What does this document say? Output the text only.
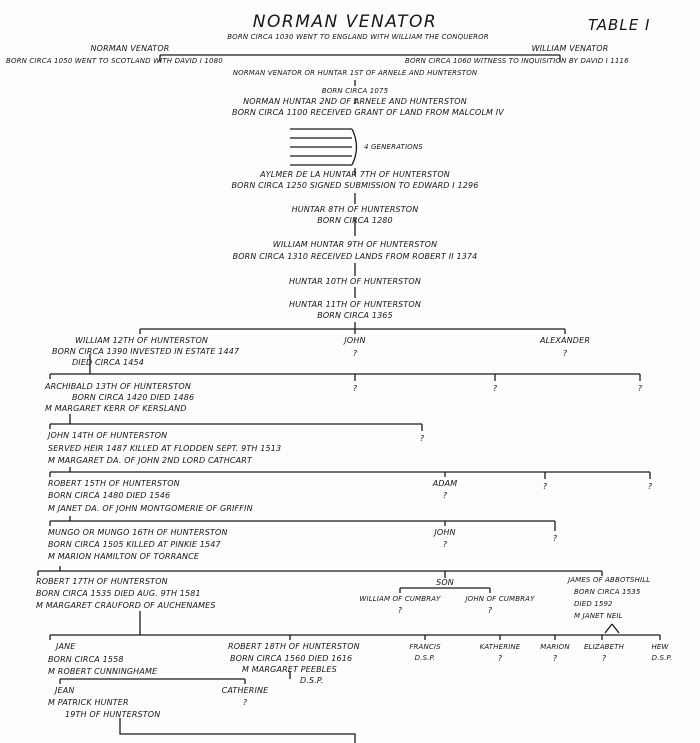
NORMAN VENATOR	TABLE I
BORN CIRCA 1030 WENT TO ENGLAND WITH WILLIAM THE CONQUEROR
NORMAN VENATOR
BORN CIRCA 1050 WENT TO SCOTLAND WITH DAVID I 1080
WILLIAM VENATOR
BORN CIRCA 1060 WITNESS TO INQUISITION BY DAVID I 1116
NORMAN VENATOR OR HUNTAR 1ST OF ARNELE AND HUNTERSTON
BORN CIRCA 1075
NORMAN HUNTAR 2ND OF ARNELE AND HUNTERSTON
BORN CIRCA 1100 RECEIVED GRANT OF LAND FROM MALCOLM IV
4 GENERATIONS
AYLMER DE LA HUNTAR 7TH OF HUNTERSTON
BORN CIRCA 1250 SIGNED SUBMISSION TO EDWARD I 1296
HUNTAR 8TH OF HUNTERSTON
BORN CIRCA 1280
WILLIAM HUNTAR 9TH OF HUNTERSTON
BORN CIRCA 1310 RECEIVED LANDS FROM ROBERT II 1374
HUNTAR 10TH OF HUNTERSTON
HUNTAR 11TH OF HUNTERSTON
BORN CIRCA 1365
WILLIAM 12TH OF HUNTERSTON
BORN CIRCA 1390 INVESTED IN ESTATE 1447
DIED CIRCA 1454
JOHN
?
ALEXANDER
?
ARCHIBALD 13TH OF HUNTERSTON
BORN CIRCA 1420 DIED 1486
M MARGARET KERR OF KERSLAND
?	?	?
JOHN 14TH OF HUNTERSTON
SERVED HEIR 1487 KILLED AT FLODDEN SEPT. 9TH 1513
M MARGARET DA. OF JOHN 2ND LORD CATHCART
?
ROBERT 15TH OF HUNTERSTON
BORN CIRCA 1480 DIED 1546
M JANET DA. OF JOHN MONTGOMERIE OF GRIFFIN
ADAM
?
?	?
MUNGO OR MUNGO 16TH OF HUNTERSTON
BORN CIRCA 1505 KILLED AT PINKIE 1547
M MARION HAMILTON OF TORRANCE
JOHN
?
?
ROBERT 17TH OF HUNTERSTON
BORN CIRCA 1535 DIED AUG. 9TH 1581
M MARGARET CRAUFORD OF AUCHENAMES
SON
WILLIAM OF CUMBRAY
?
JOHN OF CUMBRAY
?
JAMES OF ABBOTSHILL
BORN CIRCA 1535
DIED 1592
M JANET NEIL
JANE
BORN CIRCA 1558
M ROBERT CUNNINGHAME
ROBERT 18TH OF HUNTERSTON
BORN CIRCA 1560 DIED 1616
M MARGARET PEEBLES
D.S.P.
FRANCIS
D.S.P.
KATHERINE
?
MARION
?
ELIZABETH
?
HEW
D.S.P.
JEAN
M PATRICK HUNTER
19TH OF HUNTERSTON
CATHERINE
?
